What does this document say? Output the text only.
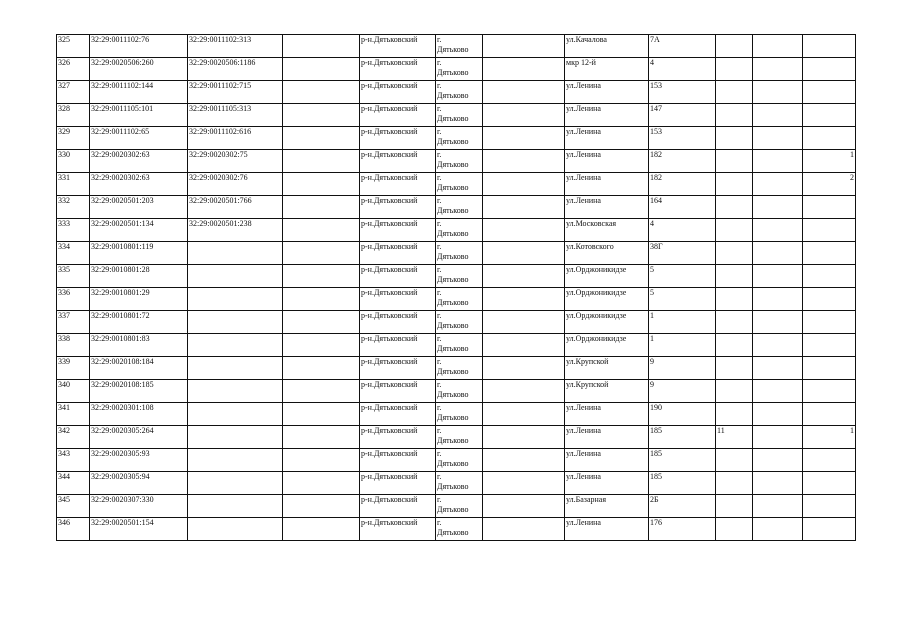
325	32:29:0011102:76	32:29:0011102:313		р-н.Дятьковский	г.
Дятьково		ул.Качалова	7А			
326	32:29:0020506:260	32:29:0020506:1186		р-н.Дятьковский	г.
Дятьково		мкр 12-й	4			
327	32:29:0011102:144	32:29:0011102:715		р-н.Дятьковский	г.
Дятьково		ул.Ленина	153			
328	32:29:0011105:101	32:29:0011105:313		р-н.Дятьковский	г.
Дятьково		ул.Ленина	147			
329	32:29:0011102:65	32:29:0011102:616		р-н.Дятьковский	г.
Дятьково		ул.Ленина	153			
330	32:29:0020302:63	32:29:0020302:75		р-н.Дятьковский	г.
Дятьково		ул.Ленина	182			1
331	32:29:0020302:63	32:29:0020302:76		р-н.Дятьковский	г.
Дятьково		ул.Ленина	182			2
332	32:29:0020501:203	32:29:0020501:766		р-н.Дятьковский	г.
Дятьково		ул.Ленина	164			
333	32:29:0020501:134	32:29:0020501:238		р-н.Дятьковский	г.
Дятьково		ул.Московская	4			
334	32:29:0010801:119			р-н.Дятьковский	г.
Дятьково		ул.Котовского	38Г			
335	32:29:0010801:28			р-н.Дятьковский	г.
Дятьково		ул.Орджоникидзе	5			
336	32:29:0010801:29			р-н.Дятьковский	г.
Дятьково		ул.Орджоникидзе	5			
337	32:29:0010801:72			р-н.Дятьковский	г.
Дятьково		ул.Орджоникидзе	1			
338	32:29:0010801:83			р-н.Дятьковский	г.
Дятьково		ул.Орджоникидзе	1			
339	32:29:0020108:184			р-н.Дятьковский	г.
Дятьково		ул.Крупской	9			
340	32:29:0020108:185			р-н.Дятьковский	г.
Дятьково		ул.Крупской	9			
341	32:29:0020301:108			р-н.Дятьковский	г.
Дятьково		ул.Ленина	190			
342	32:29:0020305:264			р-н.Дятьковский	г.
Дятьково		ул.Ленина	185	11		1
343	32:29:0020305:93			р-н.Дятьковский	г.
Дятьково		ул.Ленина	185			
344	32:29:0020305:94			р-н.Дятьковский	г.
Дятьково		ул.Ленина	185			
345	32:29:0020307:330			р-н.Дятьковский	г.
Дятьково		ул.Базарная	2Б			
346	32:29:0020501:154			р-н.Дятьковский	г.
Дятьково		ул.Ленина	176			
